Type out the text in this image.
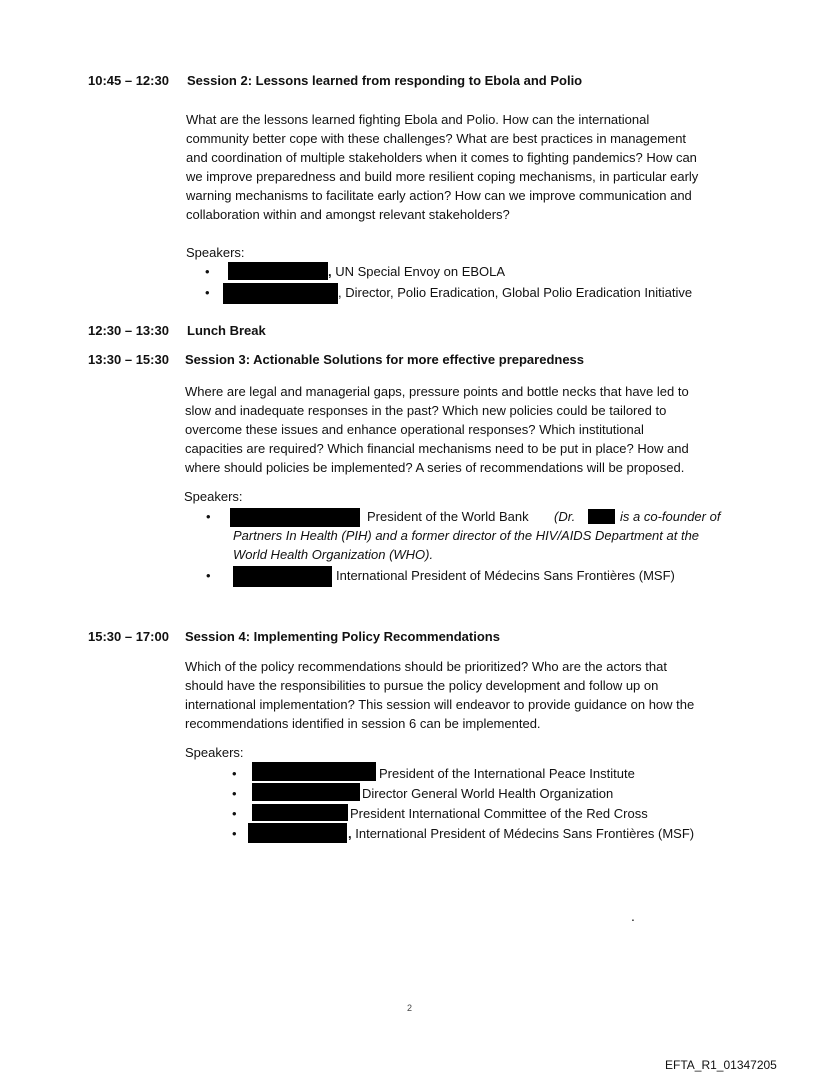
10:45 – 12:30 Session 2: Lessons learned from responding to Ebola and Polio
What are the lessons learned fighting Ebola and Polio. How can the international
community better cope with these challenges? What are best practices in management
and coordination of multiple stakeholders when it comes to fighting pandemics? How can
we improve preparedness and build more resilient coping mechanisms, in particular early
warning mechanisms to facilitate early action? How can we improve communication and
collaboration within and amongst relevant stakeholders?
Speakers:
•	, UN Special Envoy on EBOLA
•	, Director, Polio Eradication, Global Polio Eradication Initiative
12:30 – 13:30 Lunch Break
13:30 – 15:30 Session 3: Actionable Solutions for more effective preparedness
Where are legal and managerial gaps, pressure points and bottle necks that have led to
slow and inadequate responses in the past? Which new policies could be tailored to
overcome these issues and enhance operational responses? Which institutional
capacities are required? Which financial mechanisms need to be put in place? How and
where should policies be implemented? A series of recommendations will be proposed.
Speakers:
•	President of the World Bank (Dr.	is a co-founder of
Partners In Health (PIH) and a former director of the HIV/AIDS Department at the
World Health Organization (WHO).
•	International President of Médecins Sans Frontières (MSF)
15:30 – 17:00 Session 4: Implementing Policy Recommendations
Which of the policy recommendations should be prioritized? Who are the actors that
should have the responsibilities to pursue the policy development and follow up on
international implementation? This session will endeavor to provide guidance on how the
recommendations identified in session 6 can be implemented.
Speakers:
•	President of the International Peace Institute
•	Director General World Health Organization
•	President International Committee of the Red Cross
•	, International President of Médecins Sans Frontières (MSF)
.
2
EFTA_R1_01347205
